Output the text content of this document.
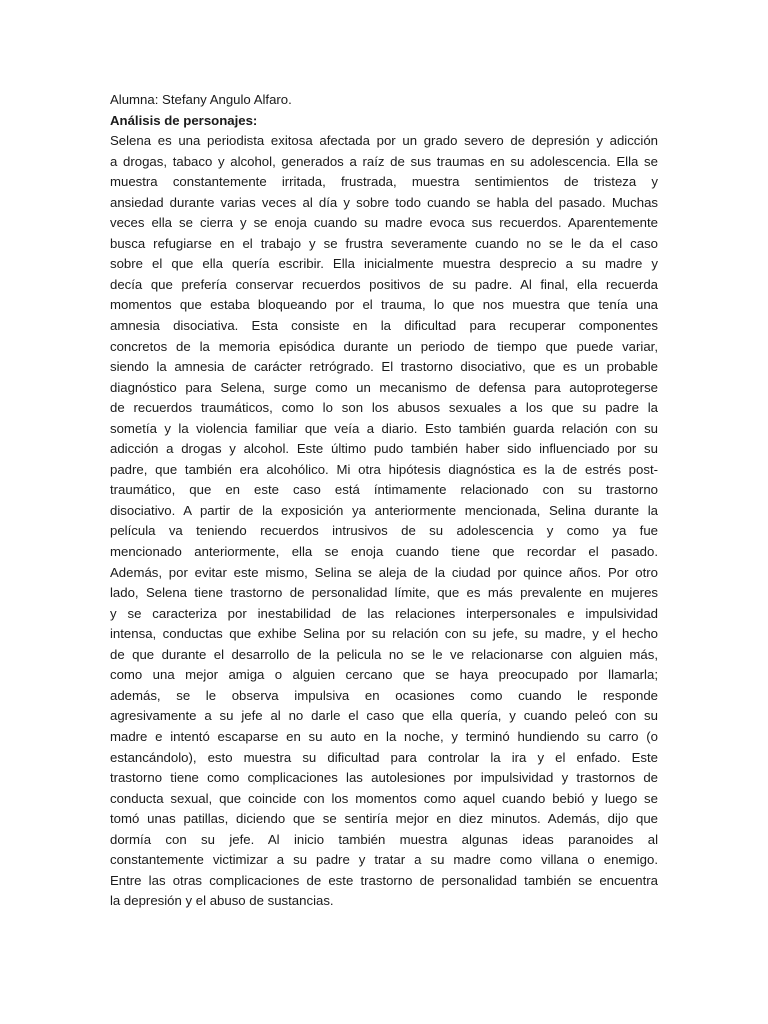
Alumna: Stefany Angulo Alfaro.
Análisis de personajes:
Selena es una periodista exitosa afectada por un grado severo de depresión y adicción
a drogas, tabaco y alcohol, generados a raíz de sus traumas en su adolescencia. Ella se
muestra constantemente irritada, frustrada, muestra sentimientos de tristeza y
ansiedad durante varias veces al día y sobre todo cuando se habla del pasado. Muchas
veces ella se cierra y se enoja cuando su madre evoca sus recuerdos. Aparentemente
busca refugiarse en el trabajo y se frustra severamente cuando no se le da el caso
sobre el que ella quería escribir. Ella inicialmente muestra desprecio a su madre y
decía que prefería conservar recuerdos positivos de su padre. Al final, ella recuerda
momentos que estaba bloqueando por el trauma, lo que nos muestra que tenía una
amnesia disociativa. Esta consiste en la dificultad para recuperar componentes
concretos de la memoria episódica durante un periodo de tiempo que puede variar,
siendo la amnesia de carácter retrógrado. El trastorno disociativo, que es un probable
diagnóstico para Selena, surge como un mecanismo de defensa para autoprotegerse
de recuerdos traumáticos, como lo son los abusos sexuales a los que su padre la
sometía y la violencia familiar que veía a diario. Esto también guarda relación con su
adicción a drogas y alcohol. Este último pudo también haber sido influenciado por su
padre, que también era alcohólico. Mi otra hipótesis diagnóstica es la de estrés post-
traumático, que en este caso está íntimamente relacionado con su trastorno
disociativo. A partir de la exposición ya anteriormente mencionada, Selina durante la
película va teniendo recuerdos intrusivos de su adolescencia y como ya fue
mencionado anteriormente, ella se enoja cuando tiene que recordar el pasado.
Además, por evitar este mismo, Selina se aleja de la ciudad por quince años. Por otro
lado, Selena tiene trastorno de personalidad límite, que es más prevalente en mujeres
y se caracteriza por inestabilidad de las relaciones interpersonales e impulsividad
intensa, conductas que exhibe Selina por su relación con su jefe, su madre, y el hecho
de que durante el desarrollo de la pelicula no se le ve relacionarse con alguien más,
como una mejor amiga o alguien cercano que se haya preocupado por llamarla;
además, se le observa impulsiva en ocasiones como cuando le responde
agresivamente a su jefe al no darle el caso que ella quería, y cuando peleó con su
madre e intentó escaparse en su auto en la noche, y terminó hundiendo su carro (o
estancándolo), esto muestra su dificultad para controlar la ira y el enfado. Este
trastorno tiene como complicaciones las autolesiones por impulsividad y trastornos de
conducta sexual, que coincide con los momentos como aquel cuando bebió y luego se
tomó unas patillas, diciendo que se sentiría mejor en diez minutos. Además, dijo que
dormía con su jefe. Al inicio también muestra algunas ideas paranoides al
constantemente victimizar a su padre y tratar a su madre como villana o enemigo.
Entre las otras complicaciones de este trastorno de personalidad también se encuentra
la depresión y el abuso de sustancias.
